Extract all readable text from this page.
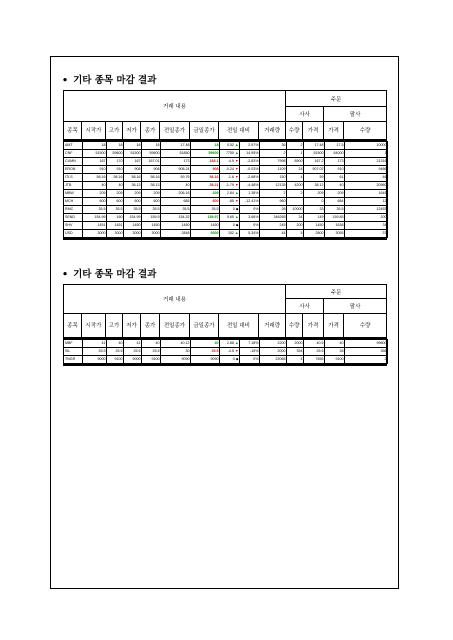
• 기타 종목 마감 결과
거래 내용	주문
사사	팔사
종목	시작가	고가	저가	종가	전일종가	금일종가	전일 대비	거래량	수량	가격	가격	수량

AMT	18	18	18	18	17.48	18	0.52 ▲	2.97%	36	2	17.48	17.5	10000
CNF	51500	59600	51500	59600	51850	59600	7750 ▲	14.95%	2	1	51500	64000	1
CUMN	167	170	167	167.01	173	168.1	-4.9 ▼	-2.83%	7998	8900	167.2	173	21316
ERON	910	910	908	908	908.24	908	-0.24 ▼	-0.03%	1109	24	907.02	910	9486
ITLS	58.16	58.16	58.16	58.16	59.76	58.16	-1.6 ▼	-2.68%	150	4	59	61	46
JTB	40	40	38.13	38.13	40	38.21	-1.79 ▼	-4.48%	12135	4200	38.12	40	20960
MBW	209	209	209	209	206.16	209	2.84 ▲	1.38%	2	2	209	209	1645
MCH	600	600	600	600	685	600	-85 ▼	-12.41%	960		0	684	12
RMC	35.5	35.5	35.5	35.5	35.5	35.5	0 ◆	0%	28	10000	33	35.5	12453
SEND	154.99	160	154.99	159.9	154.32	159.97	5.65 ▲	3.66%	346265	34	149	159.85	200
SHV	1451	1451	1450	1450	1450	1450	0 ◆	0%	245	200	1450	1638	34
USD	3000	3000	3000	3000	2848	3000	152 ▲	5.34%	44	5	2800	3055	37
• 기타 종목 마감 결과
거래 내용	주문
사사	팔사
종목	시작가	고가	저가	종가	전일종가	금일종가	전일 대비	거래량	수량	가격	가격	수량

MBF	41	40	41	40	40.12	40	2.88 ▲	7.18%	2200	2000	40.5	40	99800
SIL	25.5	25.5	25.5	25.5	30	25.5	-4.5 ▼	-15%	2000	354	25.5	28	356
TNGR	9000	9100	9000	9100	9090	9090	0 ◆	0%	22065	4	7655	9100	2
